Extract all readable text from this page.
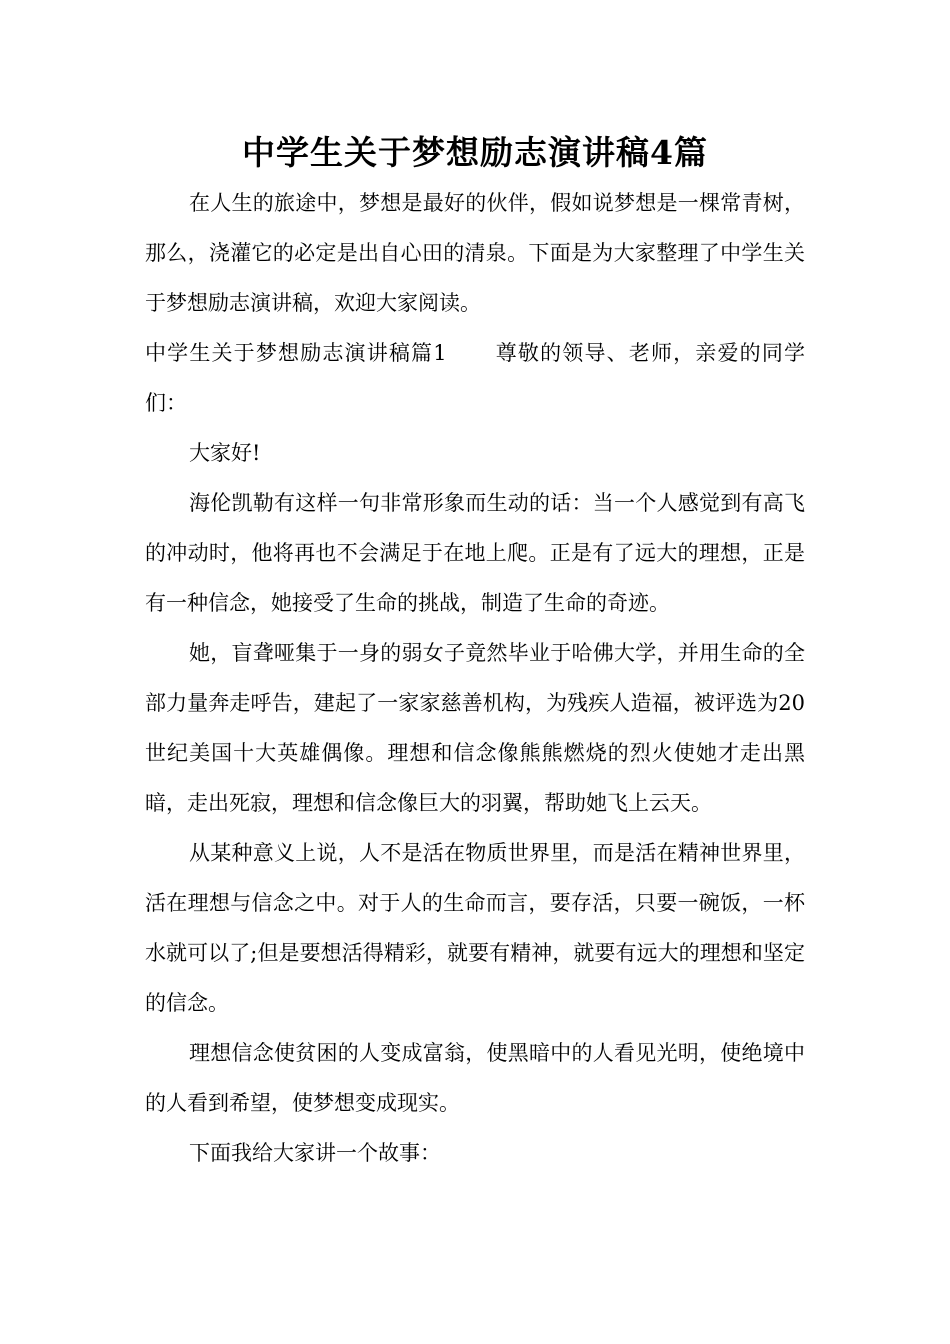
中学生关于梦想励志演讲稿4篇

在人生的旅途中，梦想是最好的伙伴，假如说梦想是一棵常青树，那么，浇灌它的必定是出自心田的清泉。下面是为大家整理了中学生关于梦想励志演讲稿，欢迎大家阅读。

中学生关于梦想励志演讲稿篇1 尊敬的领导、老师，亲爱的同学们：

大家好!

海伦凯勒有这样一句非常形象而生动的话：当一个人感觉到有高飞的冲动时，他将再也不会满足于在地上爬。正是有了远大的理想，正是有一种信念，她接受了生命的挑战，制造了生命的奇迹。

她，盲聋哑集于一身的弱女子竟然毕业于哈佛大学，并用生命的全部力量奔走呼告，建起了一家家慈善机构，为残疾人造福，被评选为20世纪美国十大英雄偶像。理想和信念像熊熊燃烧的烈火使她才走出黑暗，走出死寂，理想和信念像巨大的羽翼，帮助她飞上云天。

从某种意义上说，人不是活在物质世界里，而是活在精神世界里，活在理想与信念之中。对于人的生命而言，要存活，只要一碗饭，一杯水就可以了;但是要想活得精彩，就要有精神，就要有远大的理想和坚定的信念。

理想信念使贫困的人变成富翁，使黑暗中的人看见光明，使绝境中的人看到希望，使梦想变成现实。

下面我给大家讲一个故事：
